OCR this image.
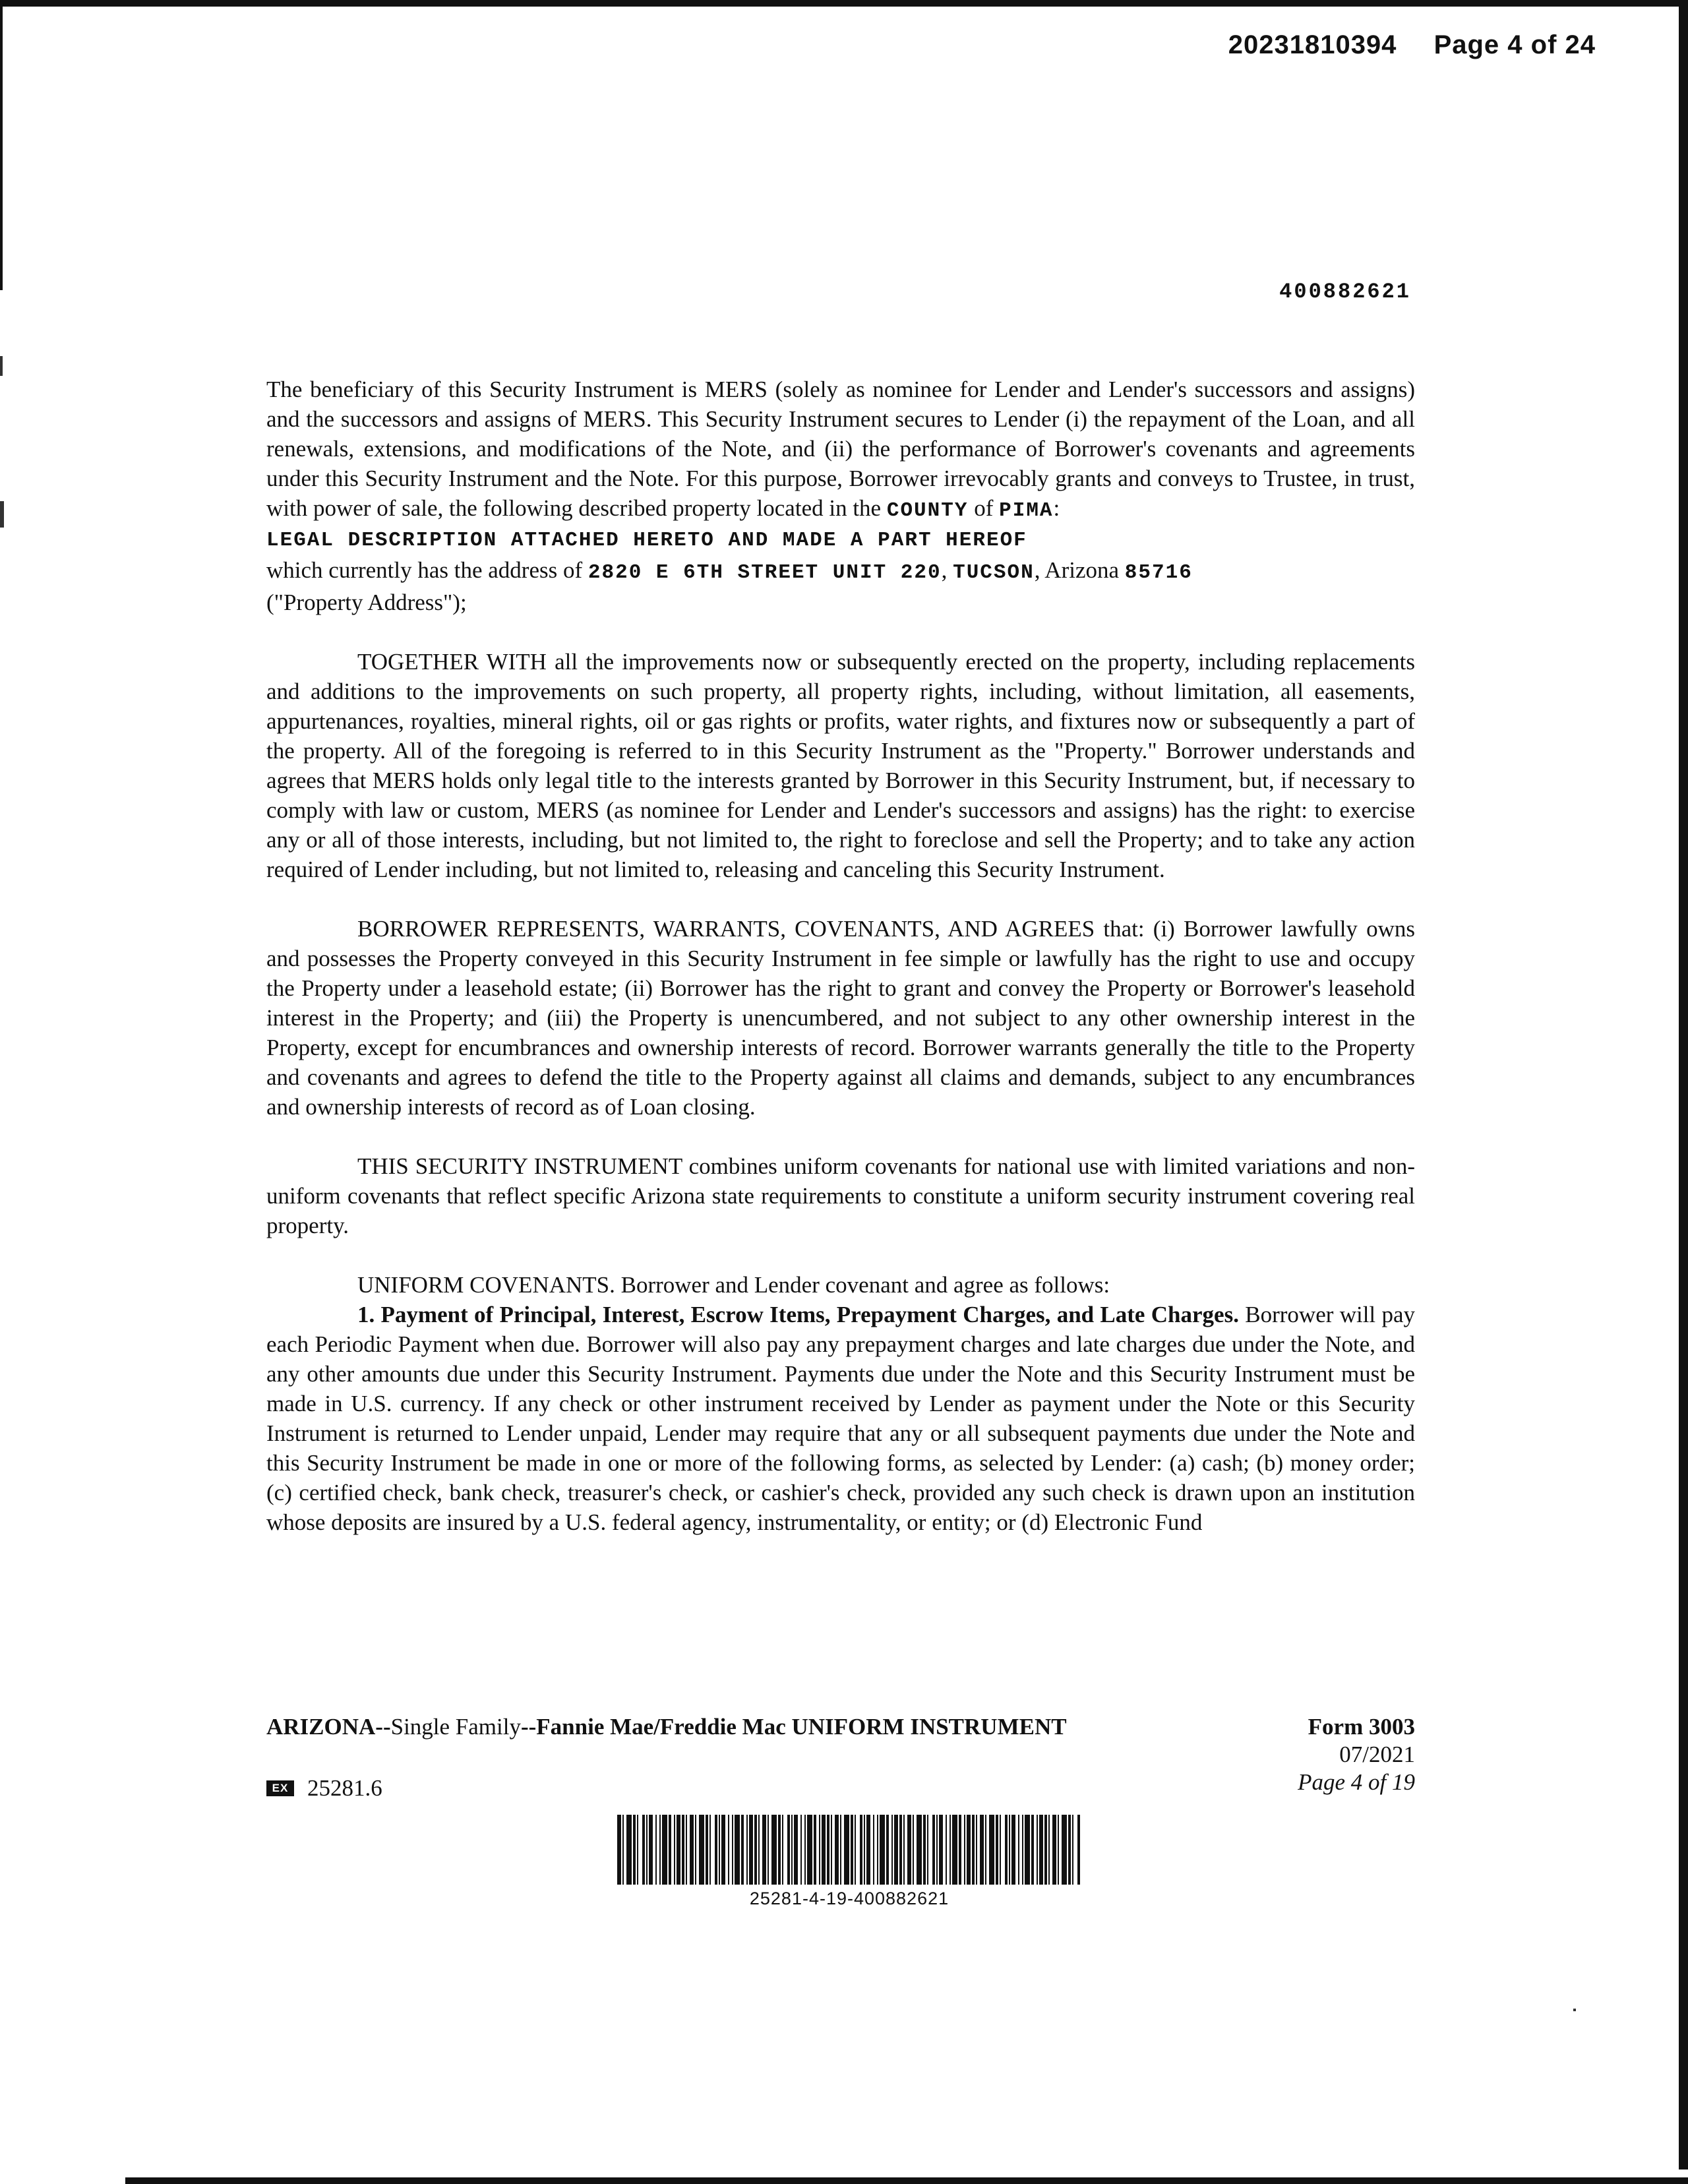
20231810394 Page 4 of 24
400882621

The beneficiary of this Security Instrument is MERS (solely as nominee for Lender and Lender's successors and assigns) and the successors and assigns of MERS. This Security Instrument secures to Lender (i) the repayment of the Loan, and all renewals, extensions, and modifications of the Note, and (ii) the performance of Borrower's covenants and agreements under this Security Instrument and the Note. For this purpose, Borrower irrevocably grants and conveys to Trustee, in trust, with power of sale, the following described property located in the COUNTY of PIMA:

LEGAL DESCRIPTION ATTACHED HERETO AND MADE A PART HEREOF

which currently has the address of 2820 E 6TH STREET UNIT 220, TUCSON, Arizona 85716

("Property Address");

TOGETHER WITH all the improvements now or subsequently erected on the property, including replacements and additions to the improvements on such property, all property rights, including, without limitation, all easements, appurtenances, royalties, mineral rights, oil or gas rights or profits, water rights, and fixtures now or subsequently a part of the property. All of the foregoing is referred to in this Security Instrument as the "Property." Borrower understands and agrees that MERS holds only legal title to the interests granted by Borrower in this Security Instrument, but, if necessary to comply with law or custom, MERS (as nominee for Lender and Lender's successors and assigns) has the right: to exercise any or all of those interests, including, but not limited to, the right to foreclose and sell the Property; and to take any action required of Lender including, but not limited to, releasing and canceling this Security Instrument.

BORROWER REPRESENTS, WARRANTS, COVENANTS, AND AGREES that: (i) Borrower lawfully owns and possesses the Property conveyed in this Security Instrument in fee simple or lawfully has the right to use and occupy the Property under a leasehold estate; (ii) Borrower has the right to grant and convey the Property or Borrower's leasehold interest in the Property; and (iii) the Property is unencumbered, and not subject to any other ownership interest in the Property, except for encumbrances and ownership interests of record. Borrower warrants generally the title to the Property and covenants and agrees to defend the title to the Property against all claims and demands, subject to any encumbrances and ownership interests of record as of Loan closing.

THIS SECURITY INSTRUMENT combines uniform covenants for national use with limited variations and non-uniform covenants that reflect specific Arizona state requirements to constitute a uniform security instrument covering real property.

UNIFORM COVENANTS. Borrower and Lender covenant and agree as follows:

1. Payment of Principal, Interest, Escrow Items, Prepayment Charges, and Late Charges. Borrower will pay each Periodic Payment when due. Borrower will also pay any prepayment charges and late charges due under the Note, and any other amounts due under this Security Instrument. Payments due under the Note and this Security Instrument must be made in U.S. currency. If any check or other instrument received by Lender as payment under the Note or this Security Instrument is returned to Lender unpaid, Lender may require that any or all subsequent payments due under the Note and this Security Instrument be made in one or more of the following forms, as selected by Lender: (a) cash; (b) money order; (c) certified check, bank check, treasurer's check, or cashier's check, provided any such check is drawn upon an institution whose deposits are insured by a U.S. federal agency, instrumentality, or entity; or (d) Electronic Fund

ARIZONA--Single Family--Fannie Mae/Freddie Mac UNIFORM INSTRUMENT	Form 3003
07/2021
Page 4 of 19
EX 25281.6
25281-4-19-400882621
